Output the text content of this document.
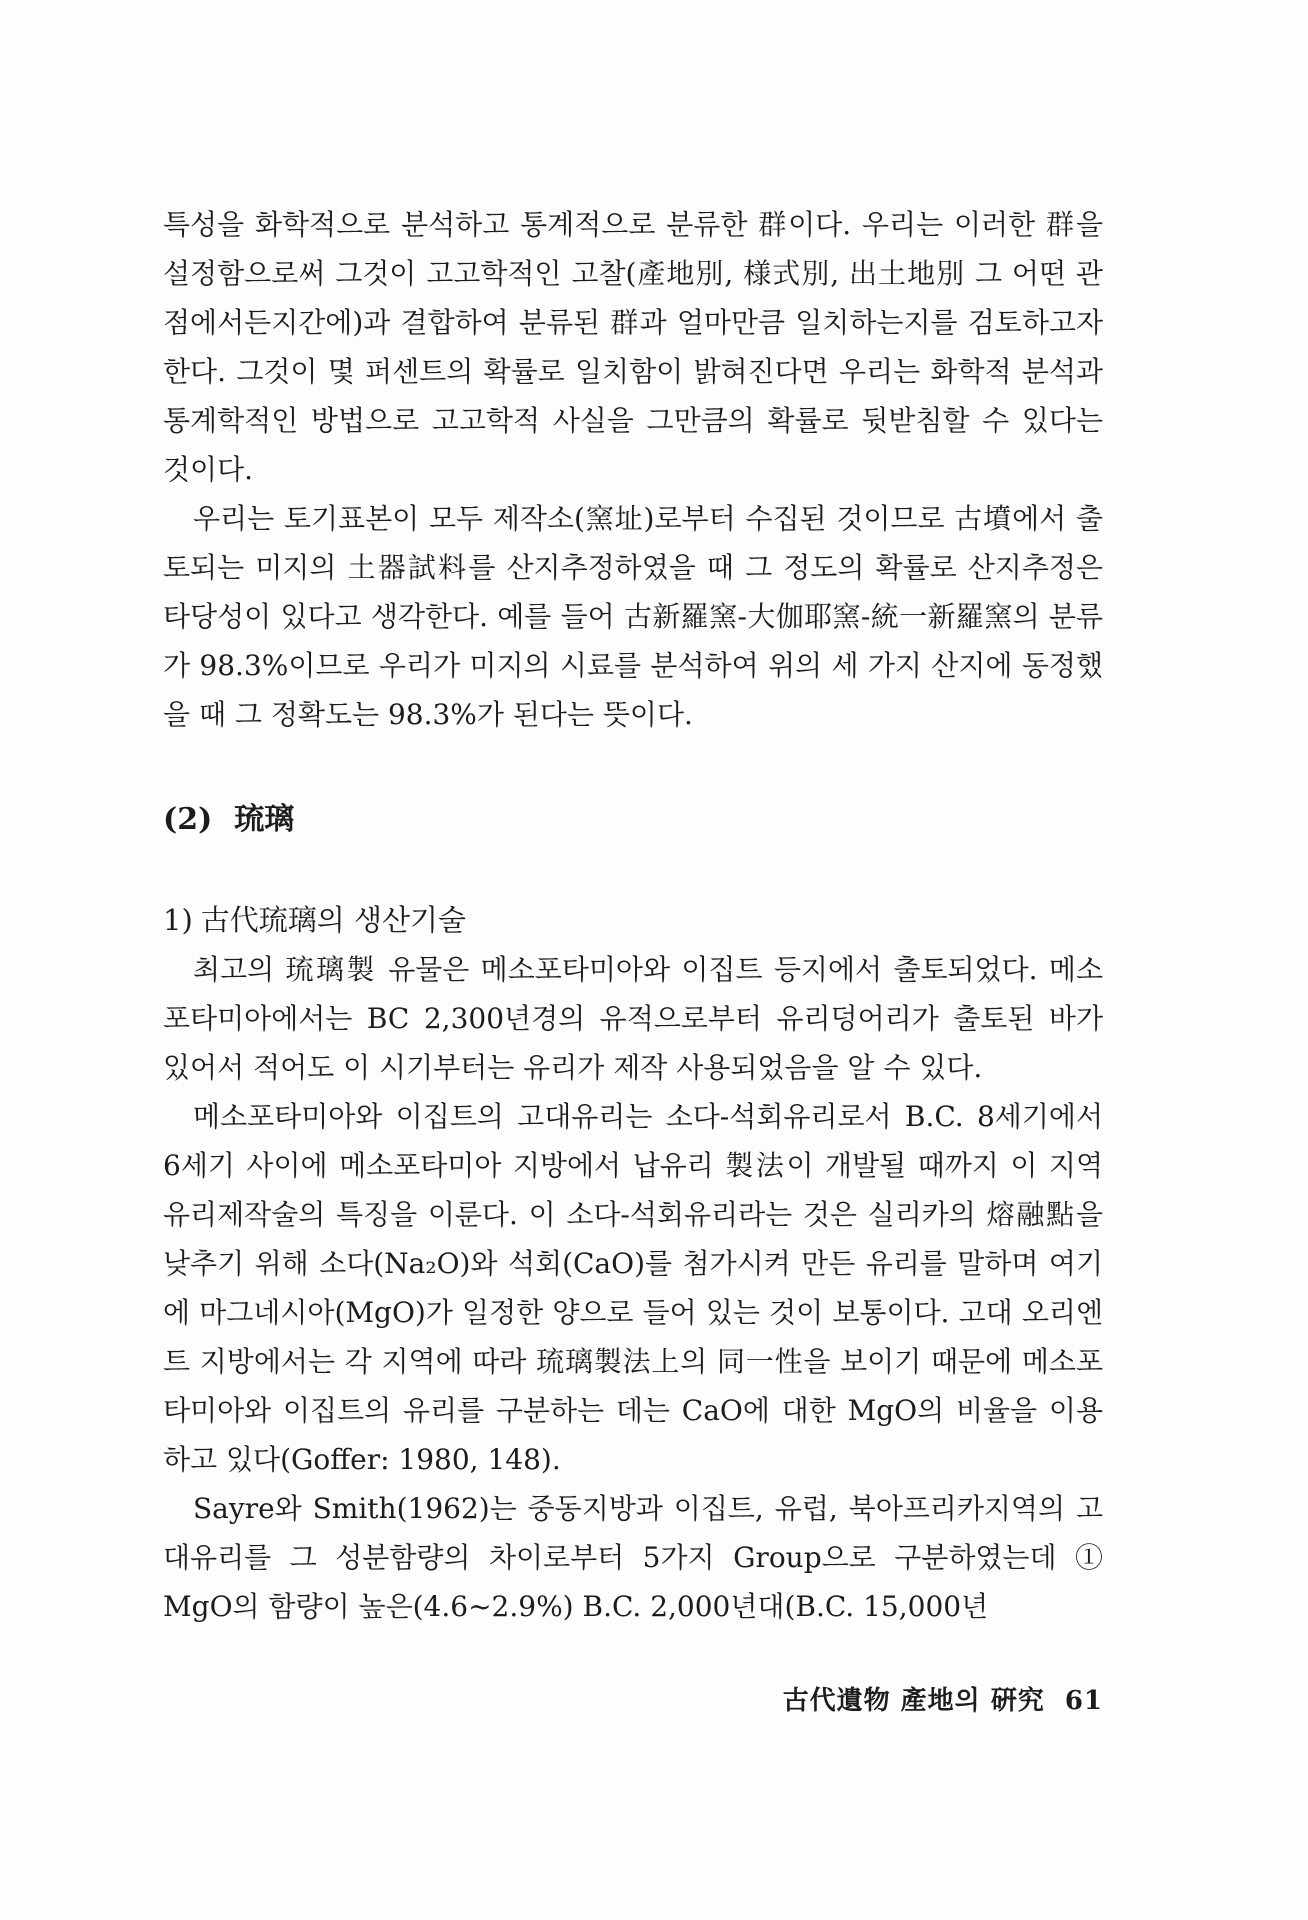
특성을 화학적으로 분석하고 통계적으로 분류한 群이다. 우리는 이러한 群을 설정함으로써 그것이 고고학적인 고찰(產地別, 様式別, 出土地別 그 어떤 관점에서든지간에)과 결합하여 분류된 群과 얼마만큼 일치하는지를 검토하고자 한다. 그것이 몇 퍼센트의 확률로 일치함이 밝혀진다면 우리는 화학적 분석과 통계학적인 방법으로 고고학적 사실을 그만큼의 확률로 뒷받침할 수 있다는 것이다.

우리는 토기표본이 모두 제작소(窯址)로부터 수집된 것이므로 古墳에서 출토되는 미지의 土器試料를 산지추정하였을 때 그 정도의 확률로 산지추정은 타당성이 있다고 생각한다. 예를 들어 古新羅窯-大伽耶窯-統一新羅窯의 분류가 98.3%이므로 우리가 미지의 시료를 분석하여 위의 세 가지 산지에 동정했을 때 그 정확도는 98.3%가 된다는 뜻이다.

(2) 琉璃
1) 古代琉璃의 생산기술

최고의 琉璃製 유물은 메소포타미아와 이집트 등지에서 출토되었다. 메소포타미아에서는 BC 2,300년경의 유적으로부터 유리덩어리가 출토된 바가 있어서 적어도 이 시기부터는 유리가 제작 사용되었음을 알 수 있다.

메소포타미아와 이집트의 고대유리는 소다-석회유리로서 B.C. 8세기에서 6세기 사이에 메소포타미아 지방에서 납유리 製法이 개발될 때까지 이 지역 유리제작술의 특징을 이룬다. 이 소다-석회유리라는 것은 실리카의 熔融點을 낮추기 위해 소다(Na₂O)와 석회(CaO)를 첨가시켜 만든 유리를 말하며 여기에 마그네시아(MgO)가 일정한 양으로 들어 있는 것이 보통이다. 고대 오리엔트 지방에서는 각 지역에 따라 琉璃製法上의 同一性을 보이기 때문에 메소포타미아와 이집트의 유리를 구분하는 데는 CaO에 대한 MgO의 비율을 이용하고 있다(Goffer: 1980, 148).

Sayre와 Smith(1962)는 중동지방과 이집트, 유럽, 북아프리카지역의 고대유리를 그 성분함량의 차이로부터 5가지 Group으로 구분하였는데 ① MgO의 함량이 높은(4.6~2.9%) B.C. 2,000년대(B.C. 15,000년

古代遺物 產地의 硏究 61
